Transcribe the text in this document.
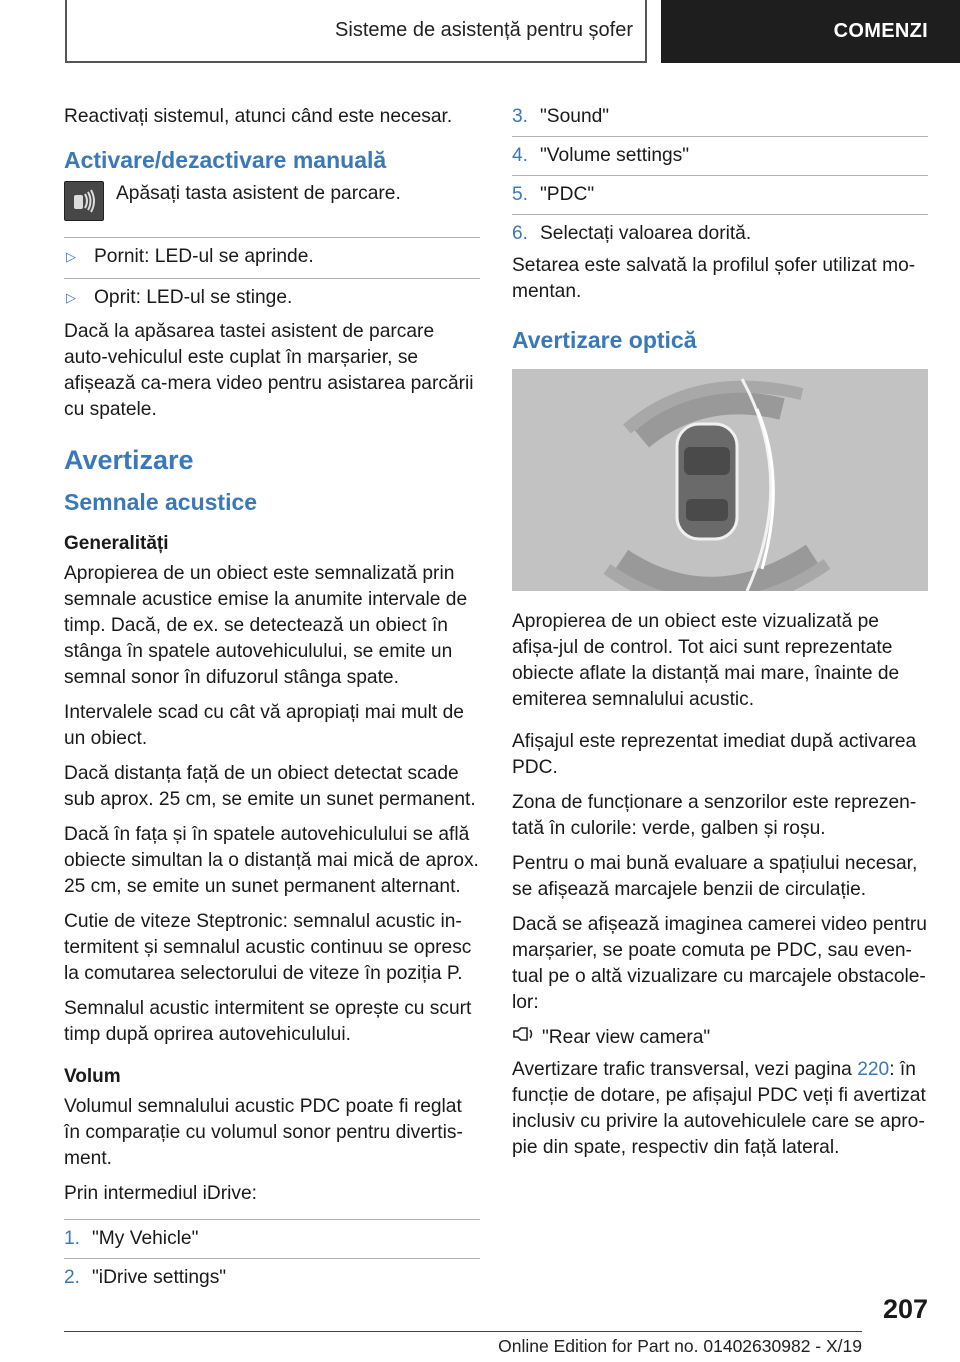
Sisteme de asistență pentru șofer	COMENZI

Reactivați sistemul, atunci când este necesar.

Activare/dezactivare manuală
Apăsați tasta asistent de parcare.
▷ Pornit: LED-ul se aprinde.
▷ Oprit: LED-ul se stinge.

Dacă la apăsarea tastei asistent de parcare auto-vehiculul este cuplat în marșarier, se afișează ca-mera video pentru asistarea parcării cu spatele.

Avertizare
Semnale acustice
Generalități

Apropierea de un obiect este semnalizată prin semnale acustice emise la anumite intervale de timp. Dacă, de ex. se detectează un obiect în stânga în spatele autovehiculului, se emite un semnal sonor în difuzorul stânga spate.

Intervalele scad cu cât vă apropiați mai mult de un obiect.

Dacă distanța față de un obiect detectat scade sub aprox. 25 cm, se emite un sunet permanent.

Dacă în fața și în spatele autovehiculului se află obiecte simultan la o distanță mai mică de aprox. 25 cm, se emite un sunet permanent alternant.

Cutie de viteze Steptronic: semnalul acustic in-termitent și semnalul acustic continuu se opresc la comutarea selectorului de viteze în poziția P.

Semnalul acustic intermitent se oprește cu scurt timp după oprirea autovehiculului.

Volum

Volumul semnalului acustic PDC poate fi reglat în comparație cu volumul sonor pentru divertis-ment.

Prin intermediul iDrive:

1. "My Vehicle"
2. "iDrive settings"
3. "Sound"
4. "Volume settings"
5. "PDC"
6. Selectați valoarea dorită.

Setarea este salvată la profilul șofer utilizat mo-mentan.

Avertizare optică

Apropierea de un obiect este vizualizată pe afișa-jul de control. Tot aici sunt reprezentate obiecte aflate la distanță mai mare, înainte de emiterea semnalului acustic.

Afișajul este reprezentat imediat după activarea PDC.

Zona de funcționare a senzorilor este reprezen-tată în culorile: verde, galben și roșu.

Pentru o mai bună evaluare a spațiului necesar, se afișează marcajele benzii de circulație.

Dacă se afișează imaginea camerei video pentru marșarier, se poate comuta pe PDC, sau even-tual pe o altă vizualizare cu marcajele obstacole-lor:

"Rear view camera"

Avertizare trafic transversal, vezi pagina 220: în funcție de dotare, pe afișajul PDC veți fi avertizat inclusiv cu privire la autovehiculele care se apro-pie din spate, respectiv din față lateral.

207
Online Edition for Part no. 01402630982 - X/19
